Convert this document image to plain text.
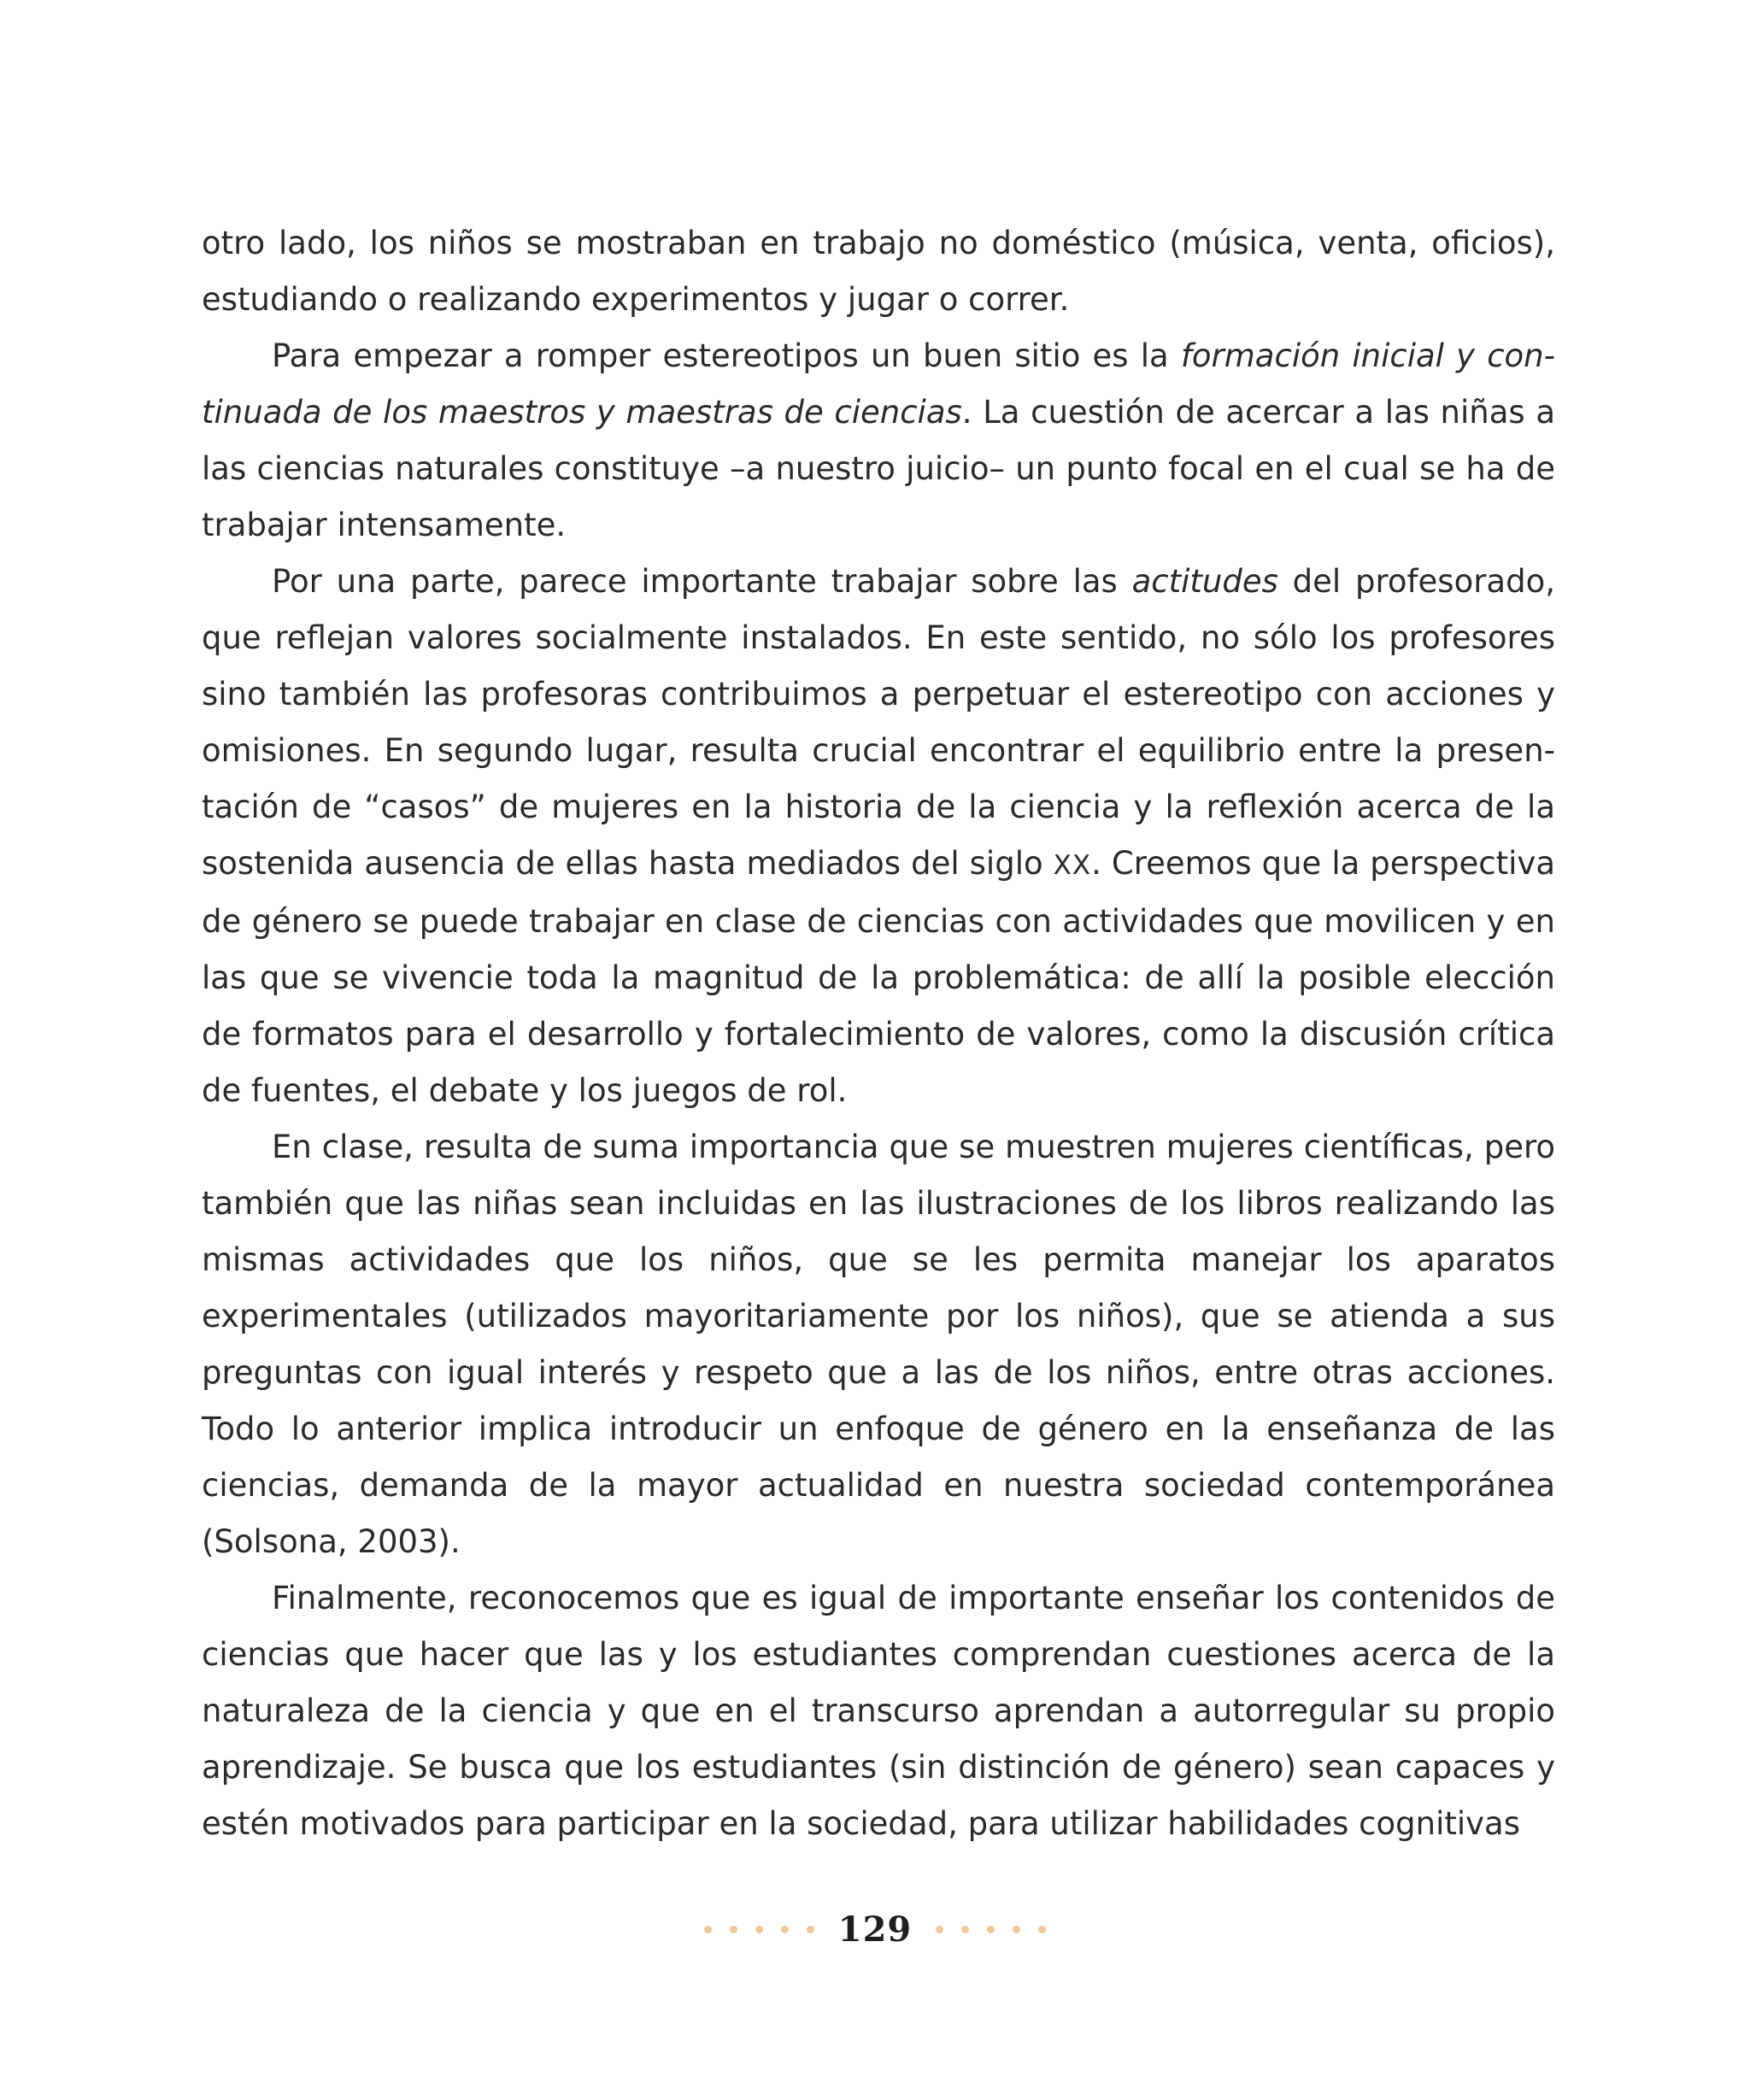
otro lado, los niños se mostraban en trabajo no doméstico (música, venta, oficios), estudiando o realizando experimentos y jugar o correr.

Para empezar a romper estereotipos un buen sitio es la formación inicial y continuada de los maestros y maestras de ciencias. La cuestión de acercar a las niñas a las ciencias naturales constituye –a nuestro juicio– un punto focal en el cual se ha de trabajar intensamente.

Por una parte, parece importante trabajar sobre las actitudes del profesorado, que reflejan valores socialmente instalados. En este sentido, no sólo los profesores sino también las profesoras contribuimos a perpetuar el estereotipo con acciones y omisiones. En segundo lugar, resulta crucial encontrar el equilibrio entre la presentación de “casos” de mujeres en la historia de la ciencia y la reflexión acerca de la sostenida ausencia de ellas hasta mediados del siglo XX. Creemos que la perspectiva de género se puede trabajar en clase de ciencias con actividades que movilicen y en las que se vivencie toda la magnitud de la problemática: de allí la posible elección de formatos para el desarrollo y fortalecimiento de valores, como la discusión crítica de fuentes, el debate y los juegos de rol.

En clase, resulta de suma importancia que se muestren mujeres científicas, pero también que las niñas sean incluidas en las ilustraciones de los libros realizando las mismas actividades que los niños, que se les permita manejar los aparatos experimentales (utilizados mayoritariamente por los niños), que se atienda a sus preguntas con igual interés y respeto que a las de los niños, entre otras acciones. Todo lo anterior implica introducir un enfoque de género en la enseñanza de las ciencias, demanda de la mayor actualidad en nuestra sociedad contemporánea (Solsona, 2003).

Finalmente, reconocemos que es igual de importante enseñar los contenidos de ciencias que hacer que las y los estudiantes comprendan cuestiones acerca de la naturaleza de la ciencia y que en el transcurso aprendan a autorregular su propio aprendizaje. Se busca que los estudiantes (sin distinción de género) sean capaces y estén motivados para participar en la sociedad, para utilizar habilidades cognitivas

129
